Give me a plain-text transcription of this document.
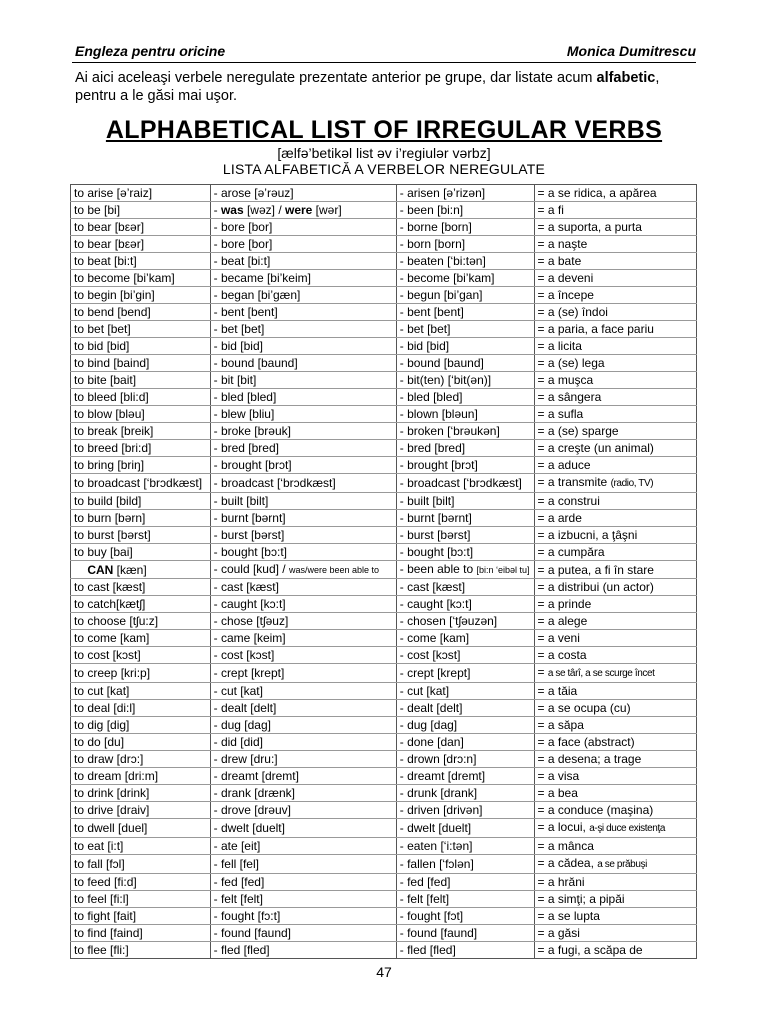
Engleza pentru oricine	Monica Dumitrescu
Ai aici aceleaşi verbele neregulate prezentate anterior pe grupe, dar listate acum alfabetic, pentru a le găsi mai uşor.
ALPHABETICAL LIST OF IRREGULAR VERBS
[ælfə’betikəl list əv i’regiulər vərbz]
LISTA ALFABETICĂ A VERBELOR NEREGULATE
to arise [ə’raiz]	- arose [ə’rəuz]	- arisen [ə’rizən]	= a se ridica, a apărea
to be [bi]	- was [wəz] / were [wər]	- been [bi:n]	= a fi
to bear [bεər]	- bore [bor]	- borne [born]	= a suporta, a purta
to bear [bεər]	- bore [bor]	- born [born]	= a naşte
to beat [bi:t]	- beat [bi:t]	- beaten [‘bi:tən]	= a bate
to become [bi’kam]	- became [bi’keim]	- become [bi’kam]	= a deveni
to begin [bi’gin]	- began [bi’gæn]	- begun [bi’gan]	= a începe
to bend [bend]	- bent [bent]	- bent [bent]	= a (se) îndoi
to bet [bet]	- bet [bet]	- bet [bet]	= a paria, a face pariu
to bid [bid]	- bid [bid]	- bid [bid]	= a licita
to bind [baind]	- bound [baund]	- bound [baund]	= a (se) lega
to bite [bait]	- bit [bit]	- bit(ten) [‘bit(ən)]	= a muşca
to bleed [bli:d]	- bled [bled]	- bled [bled]	= a sângera
to blow [bləu]	- blew [bliu]	- blown [bləun]	= a sufla
to break [breik]	- broke [brəuk]	- broken [‘brəukən]	= a (se) sparge
to breed [bri:d]	- bred [bred]	- bred [bred]	= a creşte (un animal)
to bring [briŋ]	- brought [brɔt]	- brought [brɔt]	= a aduce
to broadcast [‘brɔdkæst]	- broadcast [‘brɔdkæst]	- broadcast [‘brɔdkæst]	= a transmite (radio, TV)
to build [bild]	- built [bilt]	- built [bilt]	= a construi
to burn [bərn]	- burnt [bərnt]	- burnt [bərnt]	= a arde
to burst [bərst]	- burst [bərst]	- burst [bərst]	= a izbucni, a ţâşni
to buy [bai]	- bought [bɔ:t]	- bought [bɔ:t]	= a cumpăra
CAN [kæn]	- could [kud] / was/were been able to	- been able to [bi:n ‘eibəl tu]	= a putea, a fi în stare
to cast [kæst]	- cast [kæst]	- cast [kæst]	= a distribui (un actor)
to catch[kætʃ]	- caught [kɔ:t]	- caught [kɔ:t]	= a prinde
to choose [tʃu:z]	- chose [tʃəuz]	- chosen [‘tʃəuzən]	= a alege
to come [kam]	- came [keim]	- come [kam]	= a veni
to cost [kɔst]	- cost [kɔst]	- cost [kɔst]	= a costa
to creep [kri:p]	- crept [krept]	- crept [krept]	= a se târî, a se scurge încet
to cut [kat]	- cut [kat]	- cut [kat]	= a tăia
to deal [di:l]	- dealt [delt]	- dealt [delt]	= a se ocupa (cu)
to dig [dig]	- dug [dag]	- dug [dag]	= a săpa
to do [du]	- did [did]	- done [dan]	= a face (abstract)
to draw [drɔ:]	- drew [dru:]	- drown [drɔ:n]	= a desena; a trage
to dream [dri:m]	- dreamt [dremt]	- dreamt [dremt]	= a visa
to drink [drink]	- drank [drænk]	- drunk [drank]	= a bea
to drive [draiv]	- drove [drəuv]	- driven [drivən]	= a conduce (maşina)
to dwell [duel]	- dwelt [duelt]	- dwelt [duelt]	= a locui, a-şi duce existenţa
to eat [i:t]	- ate [eit]	- eaten [‘i:tən]	= a mânca
to fall [fɔl]	- fell [fel]	- fallen [‘fɔlən]	= a cădea, a se prăbuşi
to feed [fi:d]	- fed [fed]	- fed [fed]	= a hrăni
to feel [fi:l]	- felt [felt]	- felt [felt]	= a simţi; a pipăi
to fight [fait]	- fought [fɔ:t]	- fought [fɔt]	= a se lupta
to find [faind]	- found [faund]	- found [faund]	= a găsi
to flee [fli:]	- fled [fled]	- fled [fled]	= a fugi, a scăpa de
47
